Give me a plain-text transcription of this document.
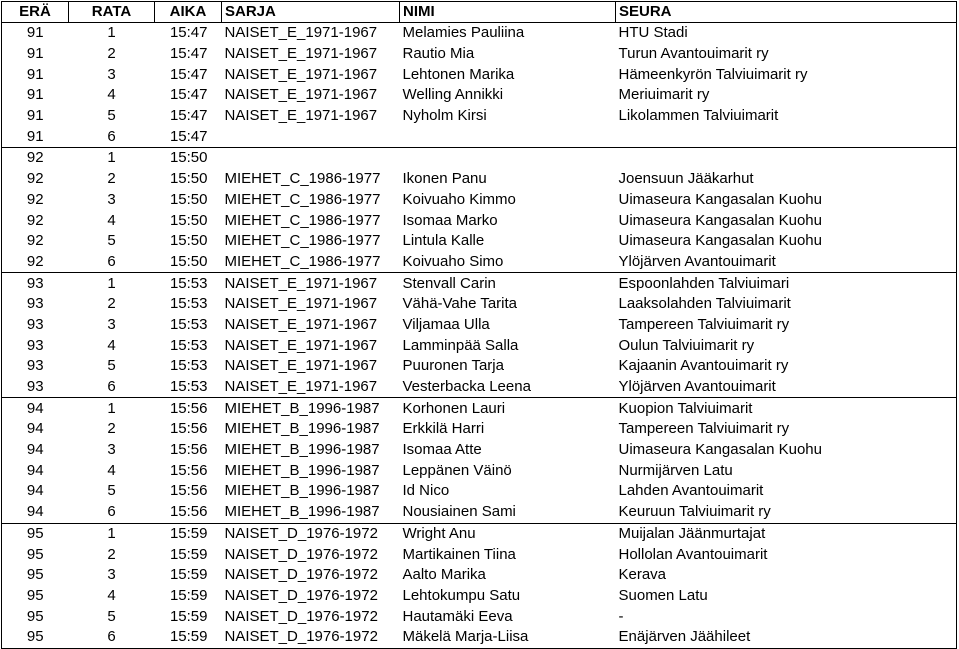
ERÄ	RATA	AIKA	SARJA	NIMI	SEURA
91	1	15:47	NAISET_E_1971-1967	Melamies Pauliina	HTU Stadi
91	2	15:47	NAISET_E_1971-1967	Rautio Mia	Turun Avantouimarit ry
91	3	15:47	NAISET_E_1971-1967	Lehtonen Marika	Hämeenkyrön Talviuimarit ry
91	4	15:47	NAISET_E_1971-1967	Welling Annikki	Meriuimarit ry
91	5	15:47	NAISET_E_1971-1967	Nyholm Kirsi	Likolammen Talviuimarit
91	6	15:47			
92	1	15:50			
92	2	15:50	MIEHET_C_1986-1977	Ikonen Panu	Joensuun Jääkarhut
92	3	15:50	MIEHET_C_1986-1977	Koivuaho Kimmo	Uimaseura Kangasalan Kuohu
92	4	15:50	MIEHET_C_1986-1977	Isomaa Marko	Uimaseura Kangasalan Kuohu
92	5	15:50	MIEHET_C_1986-1977	Lintula Kalle	Uimaseura Kangasalan Kuohu
92	6	15:50	MIEHET_C_1986-1977	Koivuaho Simo	Ylöjärven Avantouimarit
93	1	15:53	NAISET_E_1971-1967	Stenvall Carin	Espoonlahden Talviuimari
93	2	15:53	NAISET_E_1971-1967	Vähä-Vahe Tarita	Laaksolahden Talviuimarit
93	3	15:53	NAISET_E_1971-1967	Viljamaa Ulla	Tampereen Talviuimarit ry
93	4	15:53	NAISET_E_1971-1967	Lamminpää Salla	Oulun Talviuimarit ry
93	5	15:53	NAISET_E_1971-1967	Puuronen Tarja	Kajaanin Avantouimarit ry
93	6	15:53	NAISET_E_1971-1967	Vesterbacka Leena	Ylöjärven Avantouimarit
94	1	15:56	MIEHET_B_1996-1987	Korhonen Lauri	Kuopion Talviuimarit
94	2	15:56	MIEHET_B_1996-1987	Erkkilä Harri	Tampereen Talviuimarit ry
94	3	15:56	MIEHET_B_1996-1987	Isomaa Atte	Uimaseura Kangasalan Kuohu
94	4	15:56	MIEHET_B_1996-1987	Leppänen Väinö	Nurmijärven Latu
94	5	15:56	MIEHET_B_1996-1987	Id Nico	Lahden Avantouimarit
94	6	15:56	MIEHET_B_1996-1987	Nousiainen Sami	Keuruun Talviuimarit ry
95	1	15:59	NAISET_D_1976-1972	Wright Anu	Muijalan Jäänmurtajat
95	2	15:59	NAISET_D_1976-1972	Martikainen Tiina	Hollolan Avantouimarit
95	3	15:59	NAISET_D_1976-1972	Aalto Marika	Kerava
95	4	15:59	NAISET_D_1976-1972	Lehtokumpu Satu	Suomen Latu
95	5	15:59	NAISET_D_1976-1972	Hautamäki Eeva	-
95	6	15:59	NAISET_D_1976-1972	Mäkelä Marja-Liisa	Enäjärven Jäähileet
